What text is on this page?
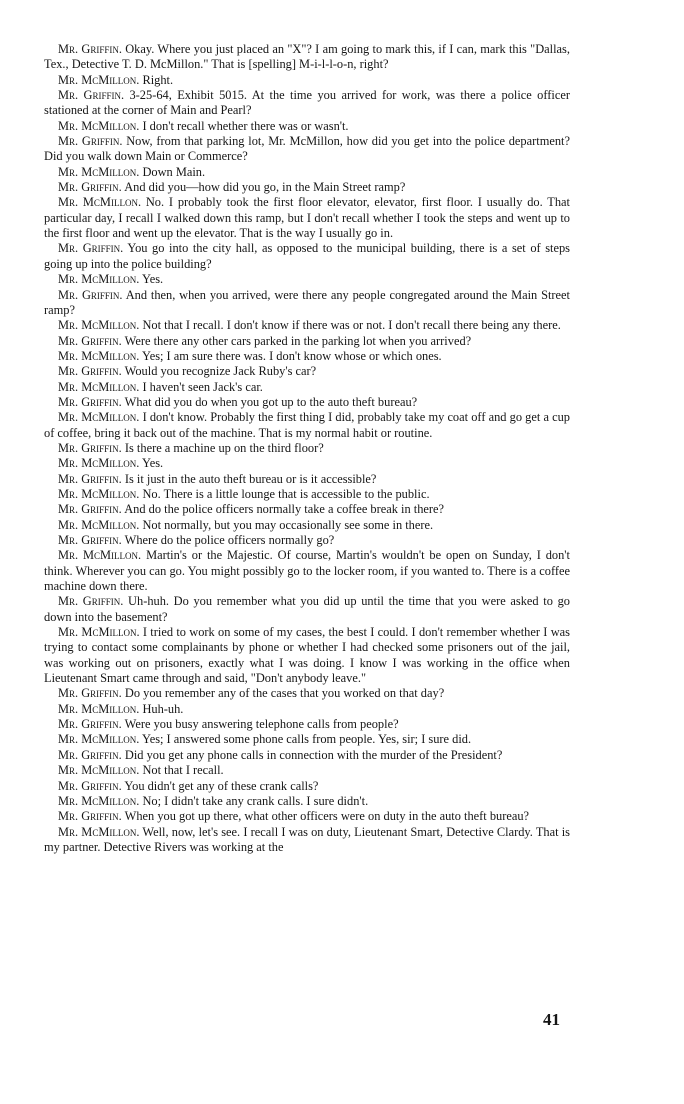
Mr. Griffin. Okay. Where you just placed an "X"? I am going to mark this, if I can, mark this "Dallas, Tex., Detective T. D. McMillon." That is [spelling] M-i-l-l-o-n, right?

Mr. McMillon. Right.

Mr. Griffin. 3-25-64, Exhibit 5015. At the time you arrived for work, was there a police officer stationed at the corner of Main and Pearl?

Mr. McMillon. I don't recall whether there was or wasn't.

Mr. Griffin. Now, from that parking lot, Mr. McMillon, how did you get into the police department? Did you walk down Main or Commerce?

Mr. McMillon. Down Main.

Mr. Griffin. And did you—how did you go, in the Main Street ramp?

Mr. McMillon. No. I probably took the first floor elevator, elevator, first floor. I usually do. That particular day, I recall I walked down this ramp, but I don't recall whether I took the steps and went up to the first floor and went up the elevator. That is the way I usually go in.

Mr. Griffin. You go into the city hall, as opposed to the municipal building, there is a set of steps going up into the police building?

Mr. McMillon. Yes.

Mr. Griffin. And then, when you arrived, were there any people congregated around the Main Street ramp?

Mr. McMillon. Not that I recall. I don't know if there was or not. I don't recall there being any there.

Mr. Griffin. Were there any other cars parked in the parking lot when you arrived?

Mr. McMillon. Yes; I am sure there was. I don't know whose or which ones.

Mr. Griffin. Would you recognize Jack Ruby's car?

Mr. McMillon. I haven't seen Jack's car.

Mr. Griffin. What did you do when you got up to the auto theft bureau?

Mr. McMillon. I don't know. Probably the first thing I did, probably take my coat off and go get a cup of coffee, bring it back out of the machine. That is my normal habit or routine.

Mr. Griffin. Is there a machine up on the third floor?

Mr. McMillon. Yes.

Mr. Griffin. Is it just in the auto theft bureau or is it accessible?

Mr. McMillon. No. There is a little lounge that is accessible to the public.

Mr. Griffin. And do the police officers normally take a coffee break in there?

Mr. McMillon. Not normally, but you may occasionally see some in there.

Mr. Griffin. Where do the police officers normally go?

Mr. McMillon. Martin's or the Majestic. Of course, Martin's wouldn't be open on Sunday, I don't think. Wherever you can go. You might possibly go to the locker room, if you wanted to. There is a coffee machine down there.

Mr. Griffin. Uh-huh. Do you remember what you did up until the time that you were asked to go down into the basement?

Mr. McMillon. I tried to work on some of my cases, the best I could. I don't remember whether I was trying to contact some complainants by phone or whether I had checked some prisoners out of the jail, was working out on prisoners, exactly what I was doing. I know I was working in the office when Lieutenant Smart came through and said, "Don't anybody leave."

Mr. Griffin. Do you remember any of the cases that you worked on that day?

Mr. McMillon. Huh-uh.

Mr. Griffin. Were you busy answering telephone calls from people?

Mr. McMillon. Yes; I answered some phone calls from people. Yes, sir; I sure did.

Mr. Griffin. Did you get any phone calls in connection with the murder of the President?

Mr. McMillon. Not that I recall.

Mr. Griffin. You didn't get any of these crank calls?

Mr. McMillon. No; I didn't take any crank calls. I sure didn't.

Mr. Griffin. When you got up there, what other officers were on duty in the auto theft bureau?

Mr. McMillon. Well, now, let's see. I recall I was on duty, Lieutenant Smart, Detective Clardy. That is my partner. Detective Rivers was working at the

41
